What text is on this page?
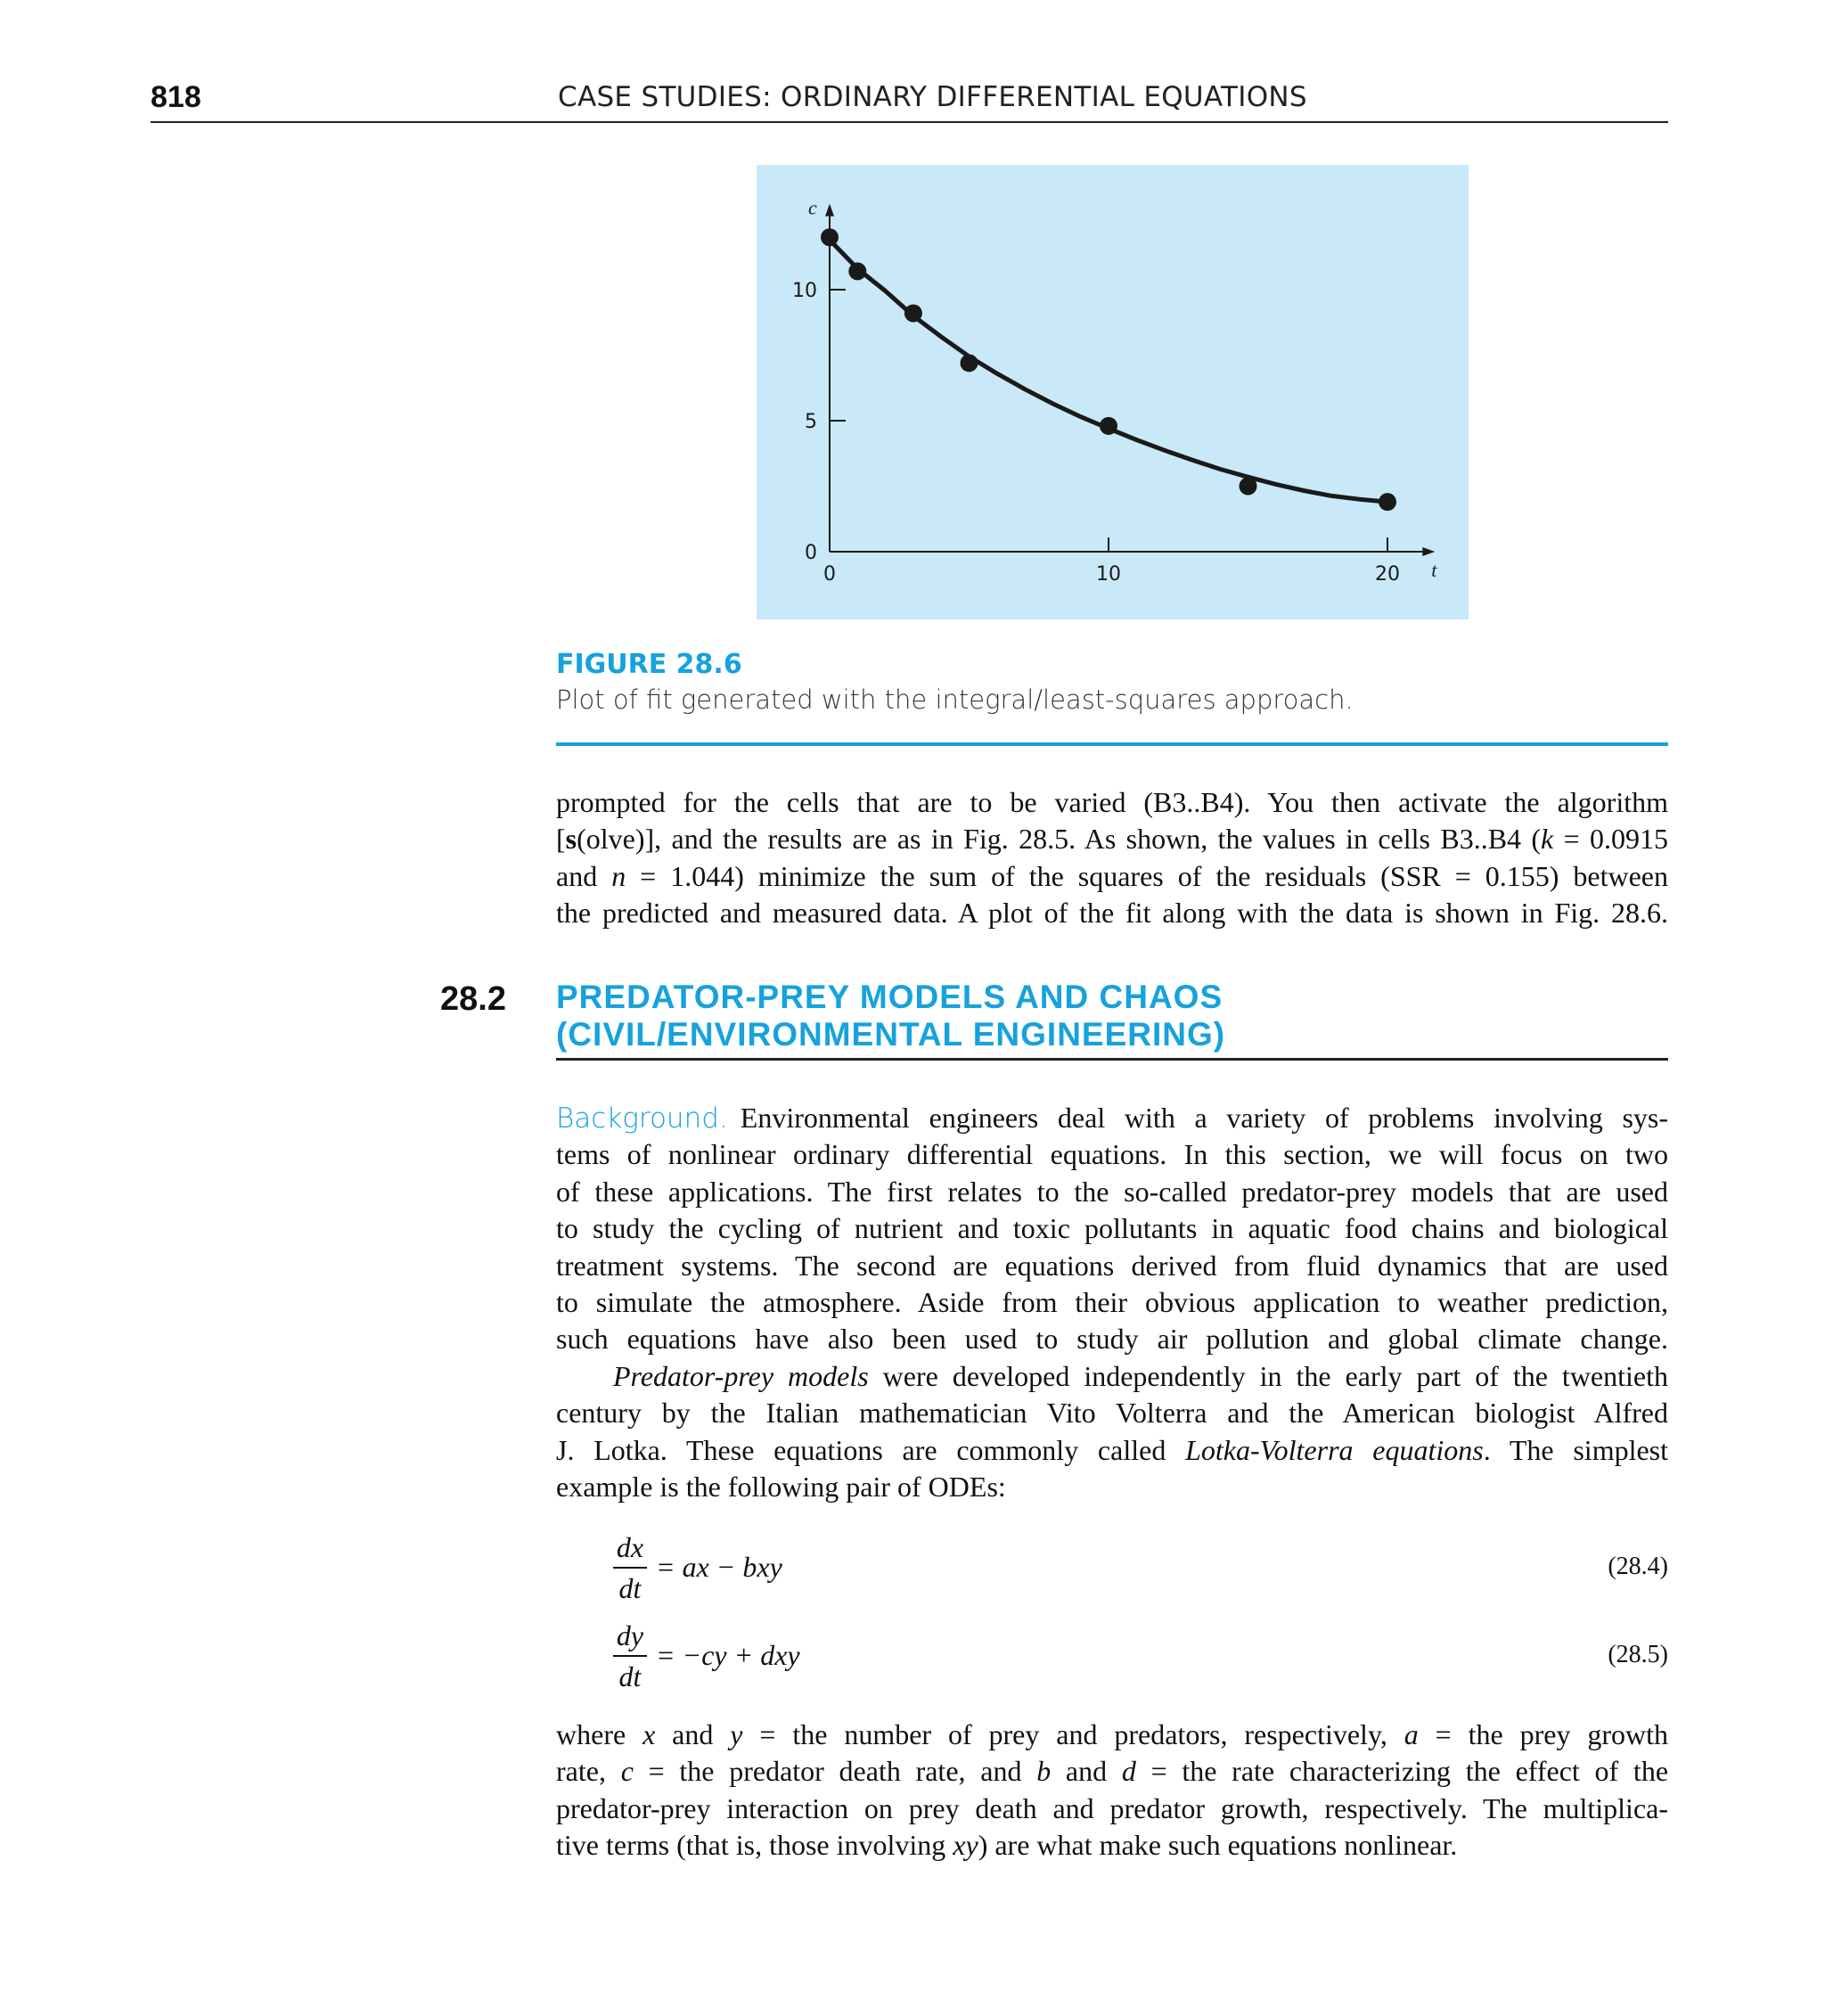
818	CASE STUDIES: ORDINARY DIFFERENTIAL EQUATIONS
0	10	20
0
5
10
t
c
FIGURE 28.6
Plot of fit generated with the integral/least-squares approach.
prompted for the cells that are to be varied (B3..B4). You then activate the algorithm
[s(olve)], and the results are as in Fig. 28.5. As shown, the values in cells B3..B4 (k = 0.0915
and n = 1.044) minimize the sum of the squares of the residuals (SSR = 0.155) between
the predicted and measured data. A plot of the fit along with the data is shown in Fig. 28.6.
28.2 PREDATOR-PREY MODELS AND CHAOS
(CIVIL/ENVIRONMENTAL ENGINEERING)
Background. Environmental engineers deal with a variety of problems involving sys-
tems of nonlinear ordinary differential equations. In this section, we will focus on two
of these applications. The first relates to the so-called predator-prey models that are used
to study the cycling of nutrient and toxic pollutants in aquatic food chains and biological
treatment systems. The second are equations derived from fluid dynamics that are used
to simulate the atmosphere. Aside from their obvious application to weather prediction,
such equations have also been used to study air pollution and global climate change.
Predator-prey models were developed independently in the early part of the twentieth
century by the Italian mathematician Vito Volterra and the American biologist Alfred
J. Lotka. These equations are commonly called Lotka-Volterra equations. The simplest
example is the following pair of ODEs:
dx
dt
= ax − bxy	(28.4)
dy
dt
= −cy + dxy	(28.5)
where x and y = the number of prey and predators, respectively, a = the prey growth
rate, c = the predator death rate, and b and d = the rate characterizing the effect of the
predator-prey interaction on prey death and predator growth, respectively. The multiplica-
tive terms (that is, those involving xy) are what make such equations nonlinear.
